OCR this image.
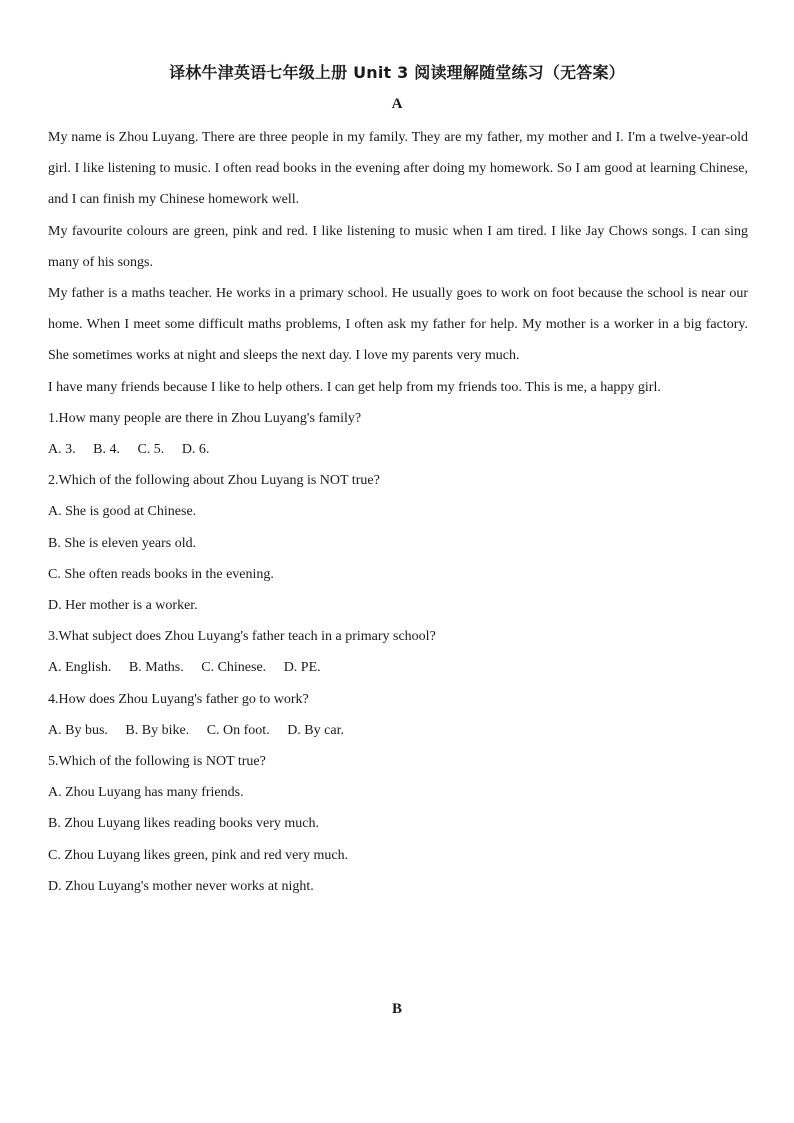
译林牛津英语七年级上册 Unit 3 阅读理解随堂练习（无答案）
A

My name is Zhou Luyang. There are three people in my family. They are my father, my mother and I. I'm a twelve-year-old girl. I like listening to music. I often read books in the evening after doing my homework. So I am good at learning Chinese, and I can finish my Chinese homework well.

My favourite colours are green, pink and red. I like listening to music when I am tired. I like Jay Chows songs. I can sing many of his songs.

My father is a maths teacher. He works in a primary school. He usually goes to work on foot because the school is near our home. When I meet some difficult maths problems, I often ask my father for help. My mother is a worker in a big factory. She sometimes works at night and sleeps the next day. I love my parents very much.

I have many friends because I like to help others. I can get help from my friends too. This is me, a happy girl.

1.How many people are there in Zhou Luyang's family?

A. 3. B. 4. C. 5. D. 6.

2.Which of the following about Zhou Luyang is NOT true?

A. She is good at Chinese.

B. She is eleven years old.

C. She often reads books in the evening.

D. Her mother is a worker.

3.What subject does Zhou Luyang's father teach in a primary school?

A. English. B. Maths. C. Chinese. D. PE.

4.How does Zhou Luyang's father go to work?

A. By bus. B. By bike. C. On foot. D. By car.

5.Which of the following is NOT true?

A. Zhou Luyang has many friends.

B. Zhou Luyang likes reading books very much.

C. Zhou Luyang likes green, pink and red very much.

D. Zhou Luyang's mother never works at night.

B
